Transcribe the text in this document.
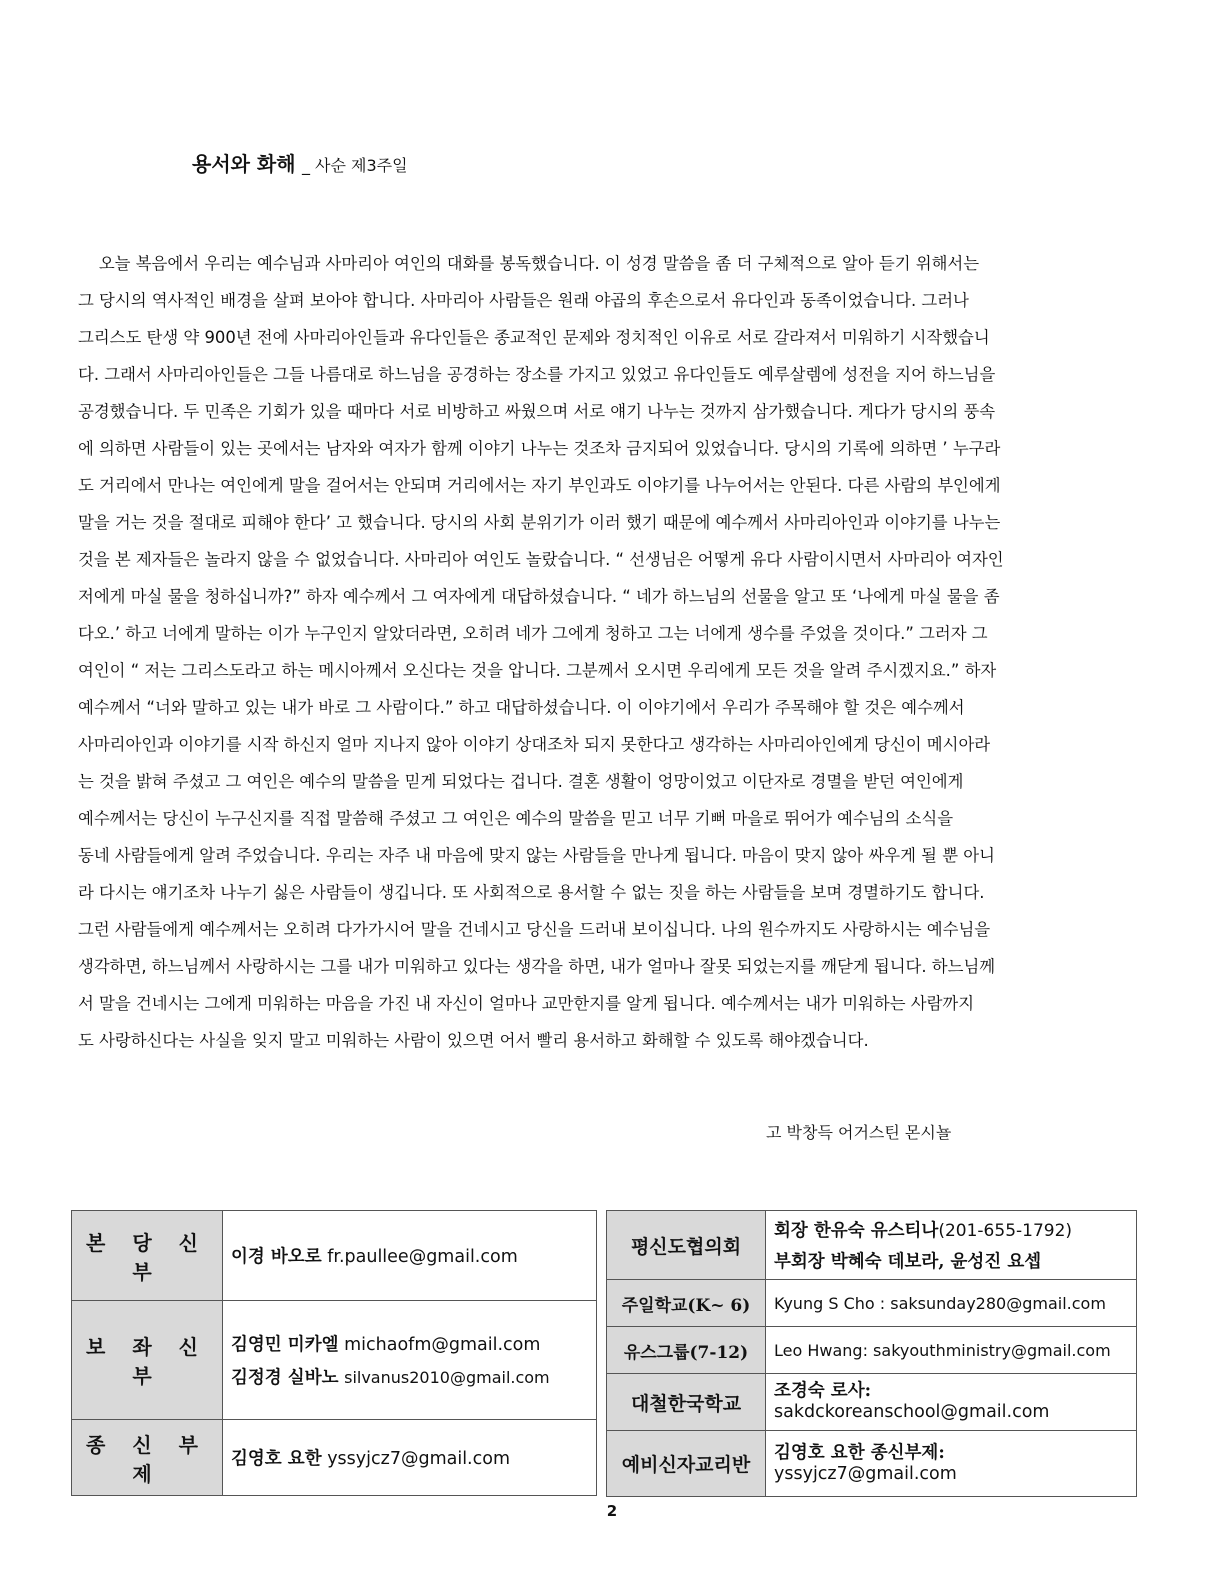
용서와 화해 _ 사순 제3주일
오늘 복음에서 우리는 예수님과 사마리아 여인의 대화를 봉독했습니다. 이 성경 말씀을 좀 더 구체적으로 알아 듣기 위해서는
그 당시의 역사적인 배경을 살펴 보아야 합니다. 사마리아 사람들은 원래 야곱의 후손으로서 유다인과 동족이었습니다. 그러나
그리스도 탄생 약 900년 전에 사마리아인들과 유다인들은 종교적인 문제와 정치적인 이유로 서로 갈라져서 미워하기 시작했습니
다. 그래서 사마리아인들은 그들 나름대로 하느님을 공경하는 장소를 가지고 있었고 유다인들도 예루살렘에 성전을 지어 하느님을
공경했습니다. 두 민족은 기회가 있을 때마다 서로 비방하고 싸웠으며 서로 얘기 나누는 것까지 삼가했습니다. 게다가 당시의 풍속
에 의하면 사람들이 있는 곳에서는 남자와 여자가 함께 이야기 나누는 것조차 금지되어 있었습니다. 당시의 기록에 의하면 ’ 누구라
도 거리에서 만나는 여인에게 말을 걸어서는 안되며 거리에서는 자기 부인과도 이야기를 나누어서는 안된다. 다른 사람의 부인에게
말을 거는 것을 절대로 피해야 한다’ 고 했습니다. 당시의 사회 분위기가 이러 했기 때문에 예수께서 사마리아인과 이야기를 나누는
것을 본 제자들은 놀라지 않을 수 없었습니다. 사마리아 여인도 놀랐습니다. “ 선생님은 어떻게 유다 사람이시면서 사마리아 여자인
저에게 마실 물을 청하십니까?” 하자 예수께서 그 여자에게 대답하셨습니다. “ 네가 하느님의 선물을 알고 또 ‘나에게 마실 물을 좀
다오.’ 하고 너에게 말하는 이가 누구인지 알았더라면, 오히려 네가 그에게 청하고 그는 너에게 생수를 주었을 것이다.” 그러자 그
여인이 “ 저는 그리스도라고 하는 메시아께서 오신다는 것을 압니다. 그분께서 오시면 우리에게 모든 것을 알려 주시겠지요.” 하자
예수께서 “너와 말하고 있는 내가 바로 그 사람이다.” 하고 대답하셨습니다. 이 이야기에서 우리가 주목해야 할 것은 예수께서
사마리아인과 이야기를 시작 하신지 얼마 지나지 않아 이야기 상대조차 되지 못한다고 생각하는 사마리아인에게 당신이 메시아라
는 것을 밝혀 주셨고 그 여인은 예수의 말씀을 믿게 되었다는 겁니다. 결혼 생활이 엉망이었고 이단자로 경멸을 받던 여인에게
예수께서는 당신이 누구신지를 직접 말씀해 주셨고 그 여인은 예수의 말씀을 믿고 너무 기뻐 마을로 뛰어가 예수님의 소식을
동네 사람들에게 알려 주었습니다. 우리는 자주 내 마음에 맞지 않는 사람들을 만나게 됩니다. 마음이 맞지 않아 싸우게 될 뿐 아니
라 다시는 얘기조차 나누기 싫은 사람들이 생깁니다. 또 사회적으로 용서할 수 없는 짓을 하는 사람들을 보며 경멸하기도 합니다.
그런 사람들에게 예수께서는 오히려 다가가시어 말을 건네시고 당신을 드러내 보이십니다. 나의 원수까지도 사랑하시는 예수님을
생각하면, 하느님께서 사랑하시는 그를 내가 미워하고 있다는 생각을 하면, 내가 얼마나 잘못 되었는지를 깨닫게 됩니다. 하느님께
서 말을 건네시는 그에게 미워하는 마음을 가진 내 자신이 얼마나 교만한지를 알게 됩니다. 예수께서는 내가 미워하는 사람까지
도 사랑하신다는 사실을 잊지 말고 미워하는 사람이 있으면 어서 빨리 용서하고 화해할 수 있도록 해야겠습니다.
고 박창득 어거스틴 몬시뇰
본 당 신 부	이경 바오로 fr.paullee@gmail.com
보 좌 신 부	김영민 미카엘 michaofm@gmail.com
김정경 실바노 silvanus2010@gmail.com

종 신 부 제	김영호 요한 yssyjcz7@gmail.com
평신도협의회	회장 한유숙 유스티나(201-655-1792)
부회장 박혜숙 데보라, 윤성진 요셉

주일학교(K~ 6)	Kyung S Cho : saksunday280@gmail.com
유스그룹(7-12)	Leo Hwang: sakyouthministry@gmail.com
대철한국학교	조경숙 로사:
sakdckoreanschool@gmail.com

예비신자교리반	김영호 요한 종신부제:
yssyjcz7@gmail.com
2
